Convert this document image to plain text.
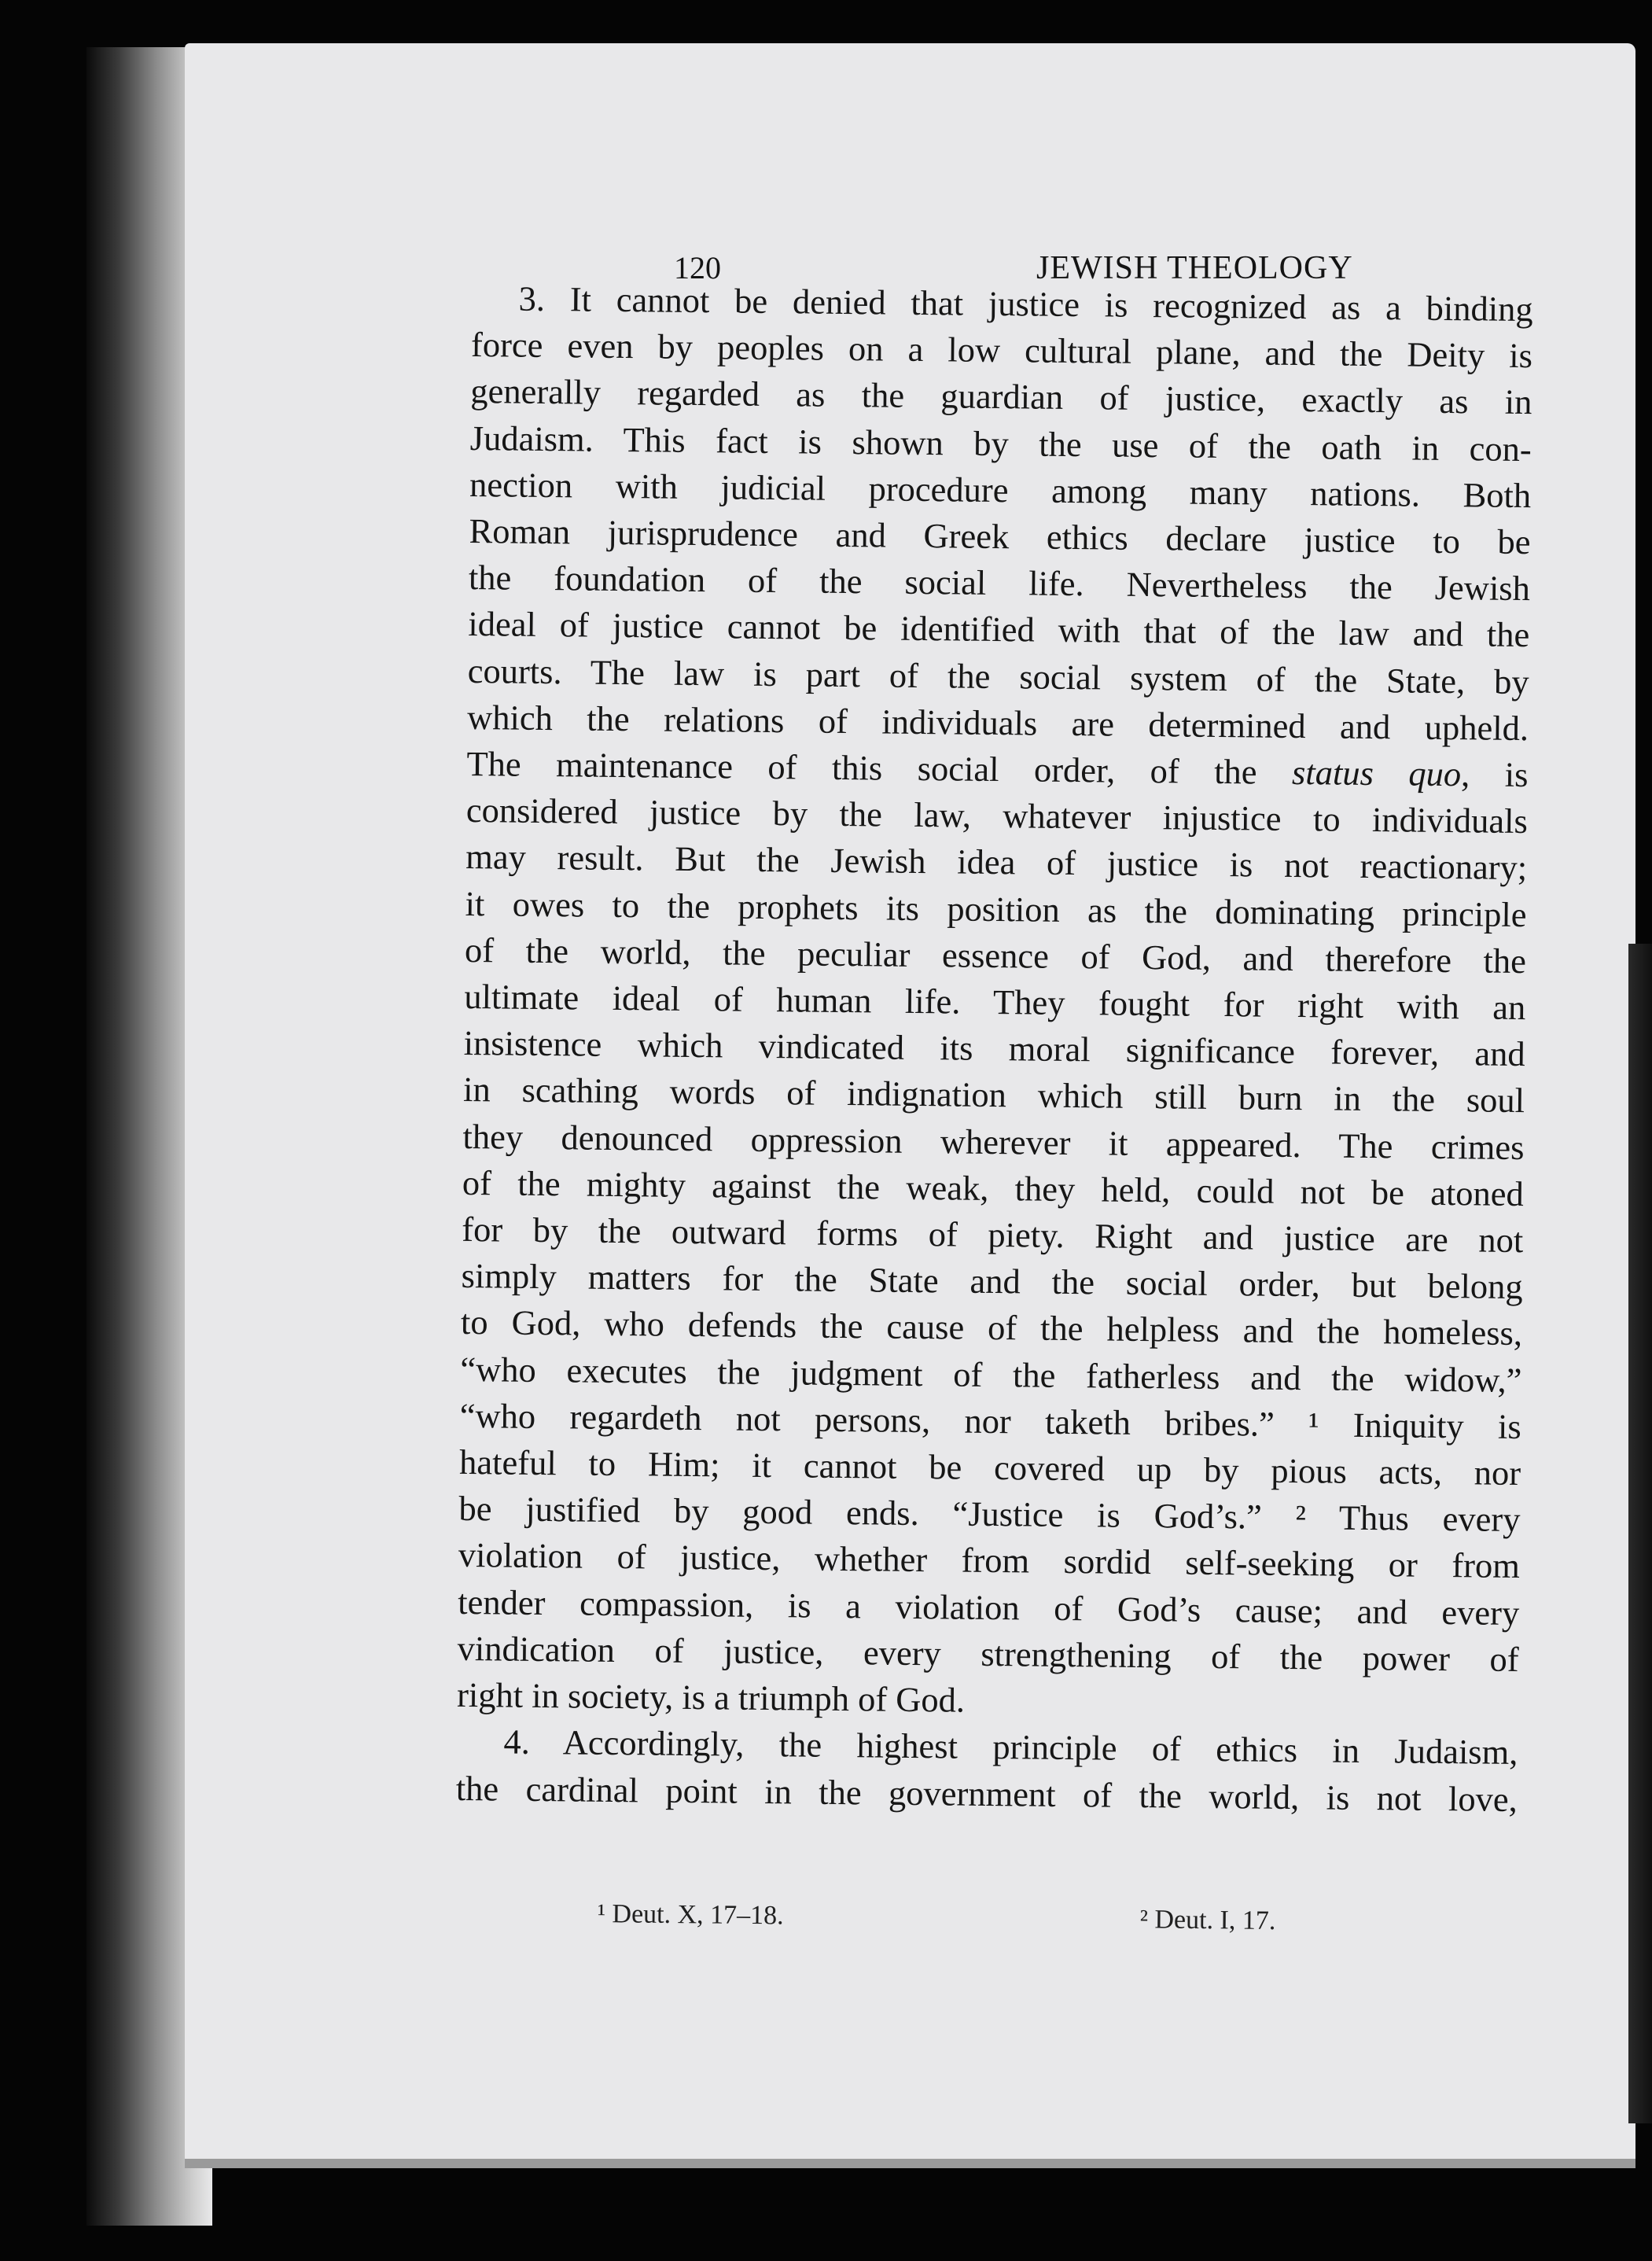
120	JEWISH THEOLOGY
3. It cannot be denied that justice is recognized as a binding
force even by peoples on a low cultural plane, and the Deity is
generally regarded as the guardian of justice, exactly as in
Judaism. This fact is shown by the use of the oath in con-
nection with judicial procedure among many nations. Both
Roman jurisprudence and Greek ethics declare justice to be
the foundation of the social life. Nevertheless the Jewish
ideal of justice cannot be identified with that of the law and the
courts. The law is part of the social system of the State, by
which the relations of individuals are determined and upheld.
The maintenance of this social order, of the status quo, is
considered justice by the law, whatever injustice to individuals
may result. But the Jewish idea of justice is not reactionary;
it owes to the prophets its position as the dominating principle
of the world, the peculiar essence of God, and therefore the
ultimate ideal of human life. They fought for right with an
insistence which vindicated its moral significance forever, and
in scathing words of indignation which still burn in the soul
they denounced oppression wherever it appeared. The crimes
of the mighty against the weak, they held, could not be atoned
for by the outward forms of piety. Right and justice are not
simply matters for the State and the social order, but belong
to God, who defends the cause of the helpless and the homeless,
“who executes the judgment of the fatherless and the widow,”
“who regardeth not persons, nor taketh bribes.” ¹ Iniquity is
hateful to Him; it cannot be covered up by pious acts, nor
be justified by good ends. “Justice is God’s.” ² Thus every
violation of justice, whether from sordid self-seeking or from
tender compassion, is a violation of God’s cause; and every
vindication of justice, every strengthening of the power of
right in society, is a triumph of God.
4. Accordingly, the highest principle of ethics in Judaism,
the cardinal point in the government of the world, is not love,
¹ Deut. X, 17–18.	² Deut. I, 17.
